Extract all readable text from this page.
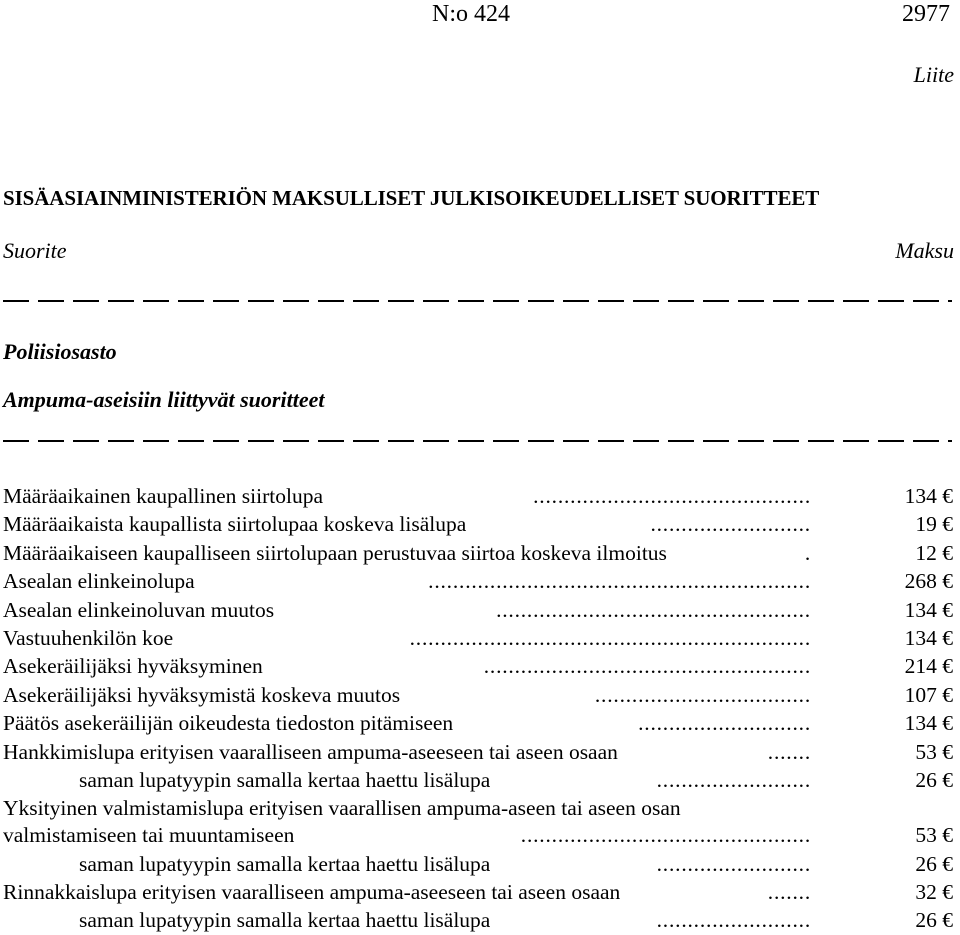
N:o 424	2977
Liite
SISÄASIAINMINISTERIÖN MAKSULLISET JULKISOIKEUDELLISET SUORITTEET
Suorite	Maksu
Poliisiosasto
Ampuma-aseisiin liittyvät suoritteet
Määräaikainen kaupallinen siirtolupa	.............................................	134 €
Määräaikaista kaupallista siirtolupaa koskeva lisälupa	..........................	19 €
Määräaikaiseen kaupalliseen siirtolupaan perustuvaa siirtoa koskeva ilmoitus	.	12 €
Asealan elinkeinolupa	..............................................................	268 €
Asealan elinkeinoluvan muutos	...................................................	134 €
Vastuuhenkilön koe	.................................................................	134 €
Asekeräilijäksi hyväksyminen	.....................................................	214 €
Asekeräilijäksi hyväksymistä koskeva muutos	...................................	107 €
Päätös asekeräilijän oikeudesta tiedoston pitämiseen	............................	134 €
Hankkimislupa erityisen vaaralliseen ampuma-aseeseen tai aseen osaan	.......	53 €
saman lupatyypin samalla kertaa haettu lisälupa	.........................	26 €
Yksityinen valmistamislupa erityisen vaarallisen ampuma-aseen tai aseen osan
valmistamiseen tai muuntamiseen	...............................................	53 €
saman lupatyypin samalla kertaa haettu lisälupa	.........................	26 €
Rinnakkaislupa erityisen vaaralliseen ampuma-aseeseen tai aseen osaan	.......	32 €
saman lupatyypin samalla kertaa haettu lisälupa	.........................	26 €
